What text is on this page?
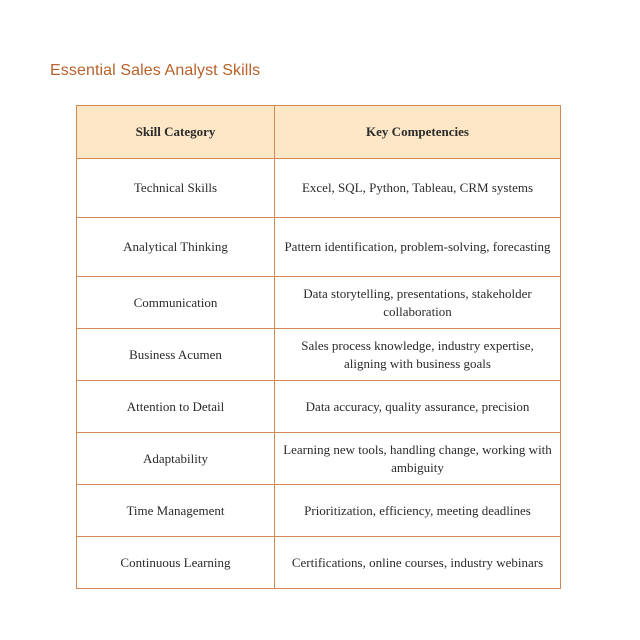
Essential Sales Analyst Skills
Skill Category	Key Competencies
Technical Skills	Excel, SQL, Python, Tableau, CRM systems
Analytical Thinking	Pattern identification, problem-solving, forecasting
Communication	Data storytelling, presentations, stakeholder collaboration
Business Acumen	Sales process knowledge, industry expertise, aligning with business goals
Attention to Detail	Data accuracy, quality assurance, precision
Adaptability	Learning new tools, handling change, working with ambiguity
Time Management	Prioritization, efficiency, meeting deadlines
Continuous Learning	Certifications, online courses, industry webinars
